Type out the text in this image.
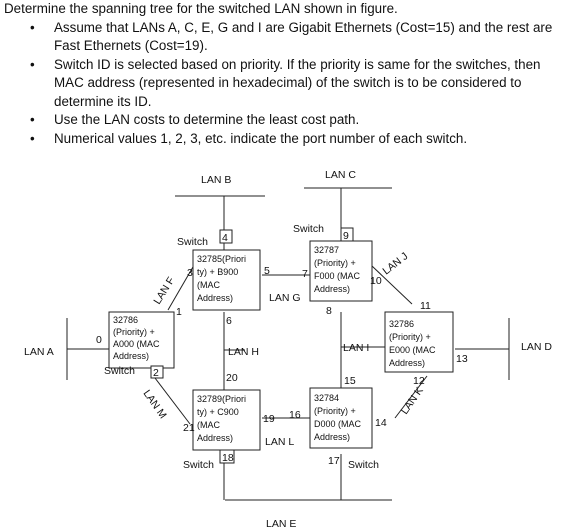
Determine the spanning tree for the switched LAN shown in figure.

• Assume that LANs A, C, E, G and I are Gigabit Ethernets (Cost=15) and the rest are
Fast Ethernets (Cost=19).
• Switch ID is selected based on priority. If the priority is same for the switches, then
MAC address (represented in hexadecimal) of the switch is to be considered to
determine its ID.
• Use the LAN costs to determine the least cost path.
• Numerical values 1, 2, 3, etc. indicate the port number of each switch.
LAN B	LAN C
LAN A	LAN D
LAN E
LAN G
LAN H	LAN I
LAN L
LAN F
LAN J
LAN K
LAN M
Switch
Switch
Switch
Switch	Switch
32785(Priori
ty) + B900
(MAC
Address)
32787
(Priority) +
F000 (MAC
Address)
32786
(Priority) +
A000 (MAC
Address)
32786
(Priority) +
E000 (MAC
Address)
32789(Priori
ty) + C900
(MAC
Address)
32784
(Priority) +
D000 (MAC
Address)
0
1
2
3
4
5
6
7
8
9
10
11
12
13
14
15
16
17
18
19
20
21
